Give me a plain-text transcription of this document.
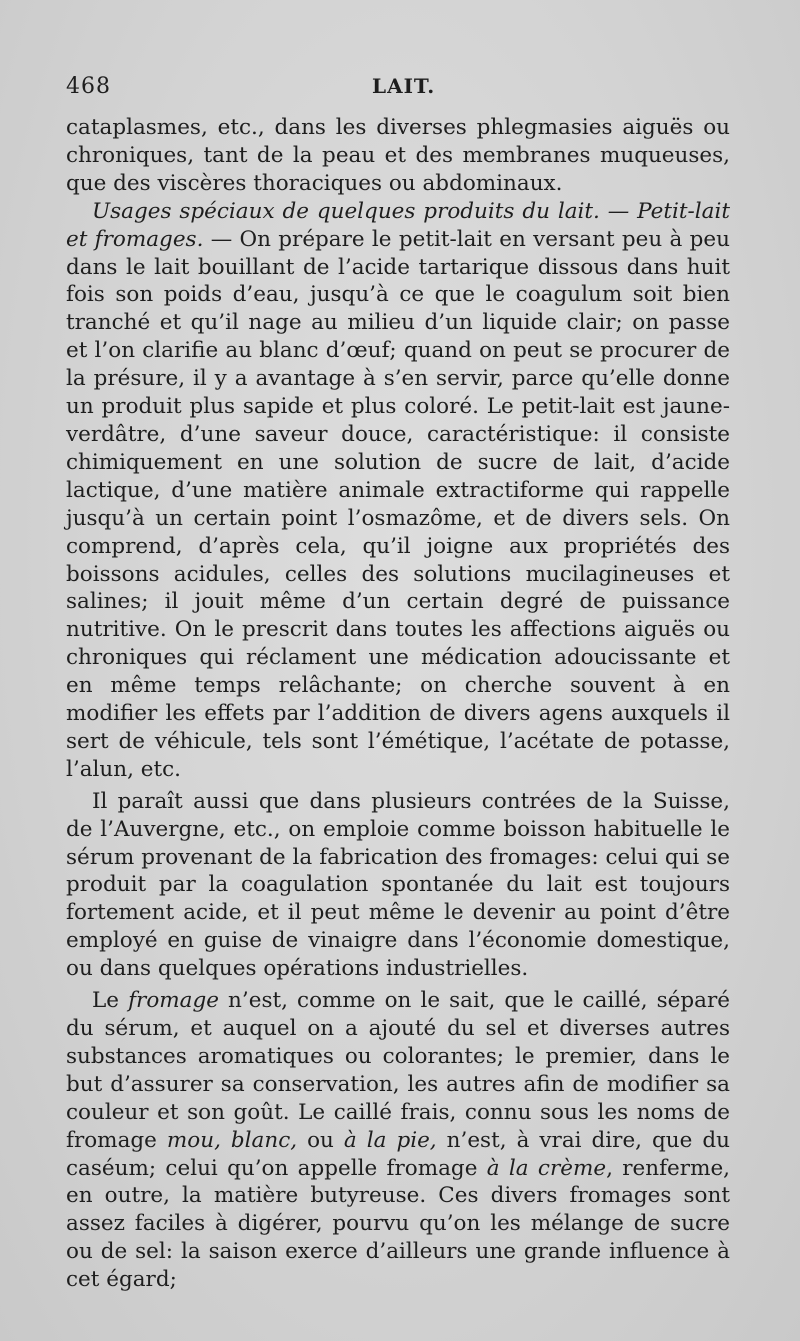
468	LAIT.

cataplasmes, etc., dans les diverses phlegmasies aiguës ou chroniques, tant de la peau et des membranes muqueuses, que des viscères thoraciques ou abdominaux.

Usages spéciaux de quelques produits du lait. — Petit-lait et fromages. — On prépare le petit-lait en versant peu à peu dans le lait bouillant de l’acide tartarique dissous dans huit fois son poids d’eau, jusqu’à ce que le coagulum soit bien tranché et qu’il nage au milieu d’un liquide clair; on passe et l’on clarifie au blanc d’œuf; quand on peut se procurer de la présure, il y a avantage à s’en servir, parce qu’elle donne un produit plus sapide et plus coloré. Le petit-lait est jaune-verdâtre, d’une saveur douce, caractéristique: il consiste chimiquement en une solution de sucre de lait, d’acide lactique, d’une matière animale extractiforme qui rappelle jusqu’à un certain point l’osmazôme, et de divers sels. On comprend, d’après cela, qu’il joigne aux propriétés des boissons acidules, celles des solutions mucilagineuses et salines; il jouit même d’un certain degré de puissance nutritive. On le prescrit dans toutes les affections aiguës ou chroniques qui réclament une médication adoucissante et en même temps relâchante; on cherche souvent à en modifier les effets par l’addition de divers agens auxquels il sert de véhicule, tels sont l’émétique, l’acétate de potasse, l’alun, etc.

Il paraît aussi que dans plusieurs contrées de la Suisse, de l’Auvergne, etc., on emploie comme boisson habituelle le sérum provenant de la fabrication des fromages: celui qui se produit par la coagulation spontanée du lait est toujours fortement acide, et il peut même le devenir au point d’être employé en guise de vinaigre dans l’économie domestique, ou dans quelques opérations industrielles.

Le fromage n’est, comme on le sait, que le caillé, séparé du sérum, et auquel on a ajouté du sel et diverses autres substances aromatiques ou colorantes; le premier, dans le but d’assurer sa conservation, les autres afin de modifier sa couleur et son goût. Le caillé frais, connu sous les noms de fromage mou, blanc, ou à la pie, n’est, à vrai dire, que du caséum; celui qu’on appelle fromage à la crème, renferme, en outre, la matière butyreuse. Ces divers fromages sont assez faciles à digérer, pourvu qu’on les mélange de sucre ou de sel: la saison exerce d’ailleurs une grande influence à cet égard;
